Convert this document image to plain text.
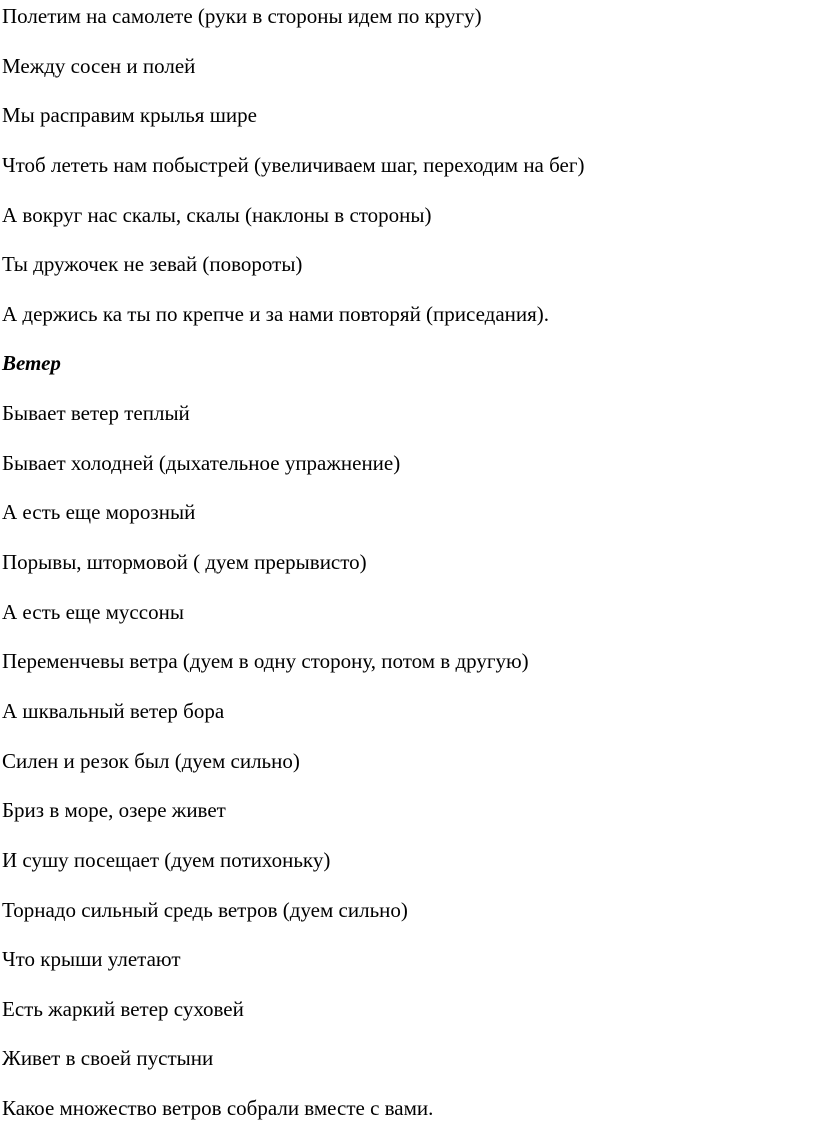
Полетим на самолете (руки в стороны идем по кругу)

Между сосен и полей

Мы расправим крылья шире

Чтоб лететь нам побыстрей (увеличиваем шаг, переходим на бег)

А вокруг нас скалы, скалы (наклоны в стороны)

Ты дружочек не зевай (повороты)

А держись ка ты по крепче и за нами повторяй (приседания).

Ветер

Бывает ветер теплый

Бывает холодней (дыхательное упражнение)

А есть еще морозный

Порывы, штормовой ( дуем прерывисто)

А есть еще муссоны

Переменчевы ветра (дуем в одну сторону, потом в другую)

А шквальный ветер бора

Силен и резок был (дуем сильно)

Бриз в море, озере живет

И сушу посещает (дуем потихоньку)

Торнадо сильный средь ветров (дуем сильно)

Что крыши улетают

Есть жаркий ветер суховей

Живет в своей пустыни

Какое множество ветров собрали вместе с вами.
